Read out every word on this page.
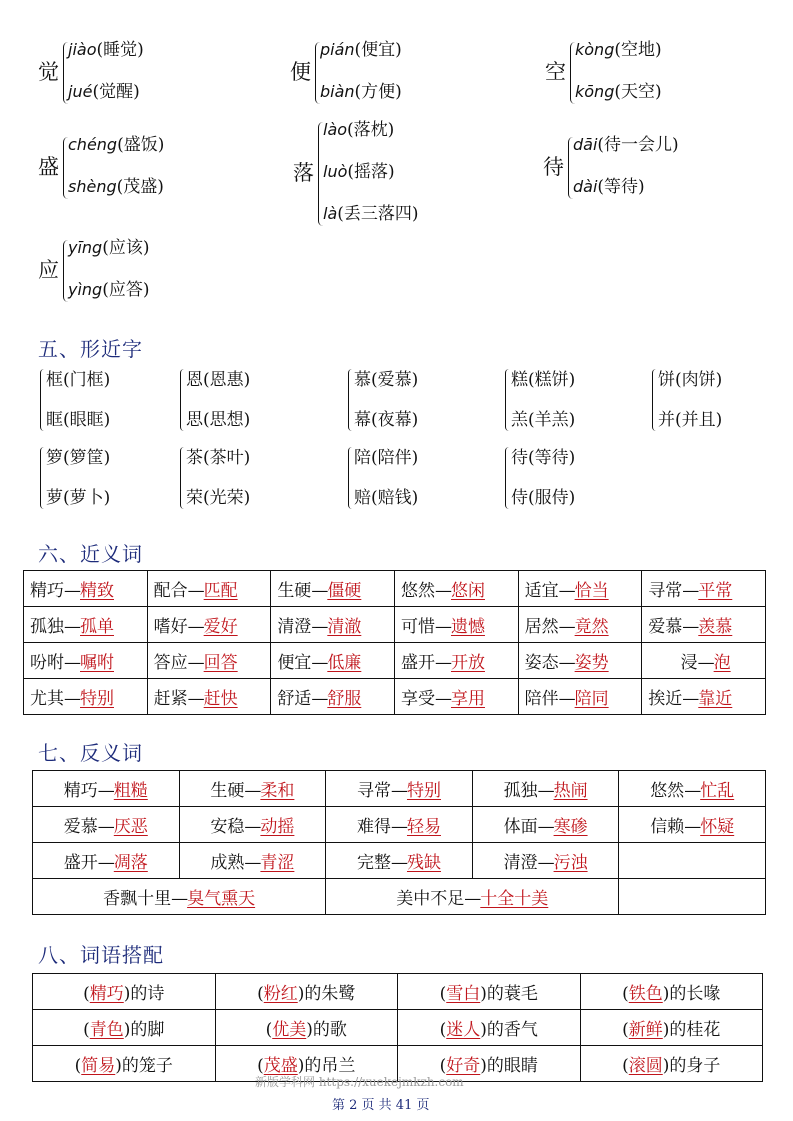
觉
jiào(睡觉)
jué(觉醒)
便
pián(便宜)
biàn(方便)
空
kòng(空地)
kōng(天空)
盛
chéng(盛饭)
shèng(茂盛)
落
lào(落枕)
luò(摇落)
là(丢三落四)
待
dāi(待一会儿)
dài(等待)
应
yīng(应该)
yìng(应答)
五、形近字
框(门框)
眶(眼眶)
恩(恩惠)
思(思想)
慕(爱慕)
幕(夜幕)
糕(糕饼)
羔(羊羔)
饼(肉饼)
并(并且)
箩(箩筐)
萝(萝卜)
茶(茶叶)
荣(光荣)
陪(陪伴)
赔(赔钱)
待(等待)
侍(服侍)
六、近义词
精巧—精致	配合—匹配	生硬—僵硬	悠然—悠闲	适宜—恰当	寻常—平常
孤独—孤单	嗜好—爱好	清澄—清澈	可惜—遗憾	居然—竟然	爱慕—羡慕
吩咐—嘱咐	答应—回答	便宜—低廉	盛开—开放	姿态—姿势	浸—泡
尤其—特别	赶紧—赶快	舒适—舒服	享受—享用	陪伴—陪同	挨近—靠近
七、反义词
精巧—粗糙	生硬—柔和	寻常—特别	孤独—热闹	悠然—忙乱
爱慕—厌恶	安稳—动摇	难得—轻易	体面—寒碜	信赖—怀疑
盛开—凋落	成熟—青涩	完整—残缺	清澄—污浊	
香飘十里—臭气熏天		美中不足—十全十美		
八、词语搭配
(精巧)的诗	(粉红)的朱鹭	(雪白)的蓑毛	(铁色)的长喙
(青色)的脚	(优美)的歌	(迷人)的香气	(新鲜)的桂花
(简易)的笼子	(茂盛)的吊兰	(好奇)的眼睛	(滚圆)的身子
新版学科网 https://xuekejmkzh.com
第 2 页 共 41 页
